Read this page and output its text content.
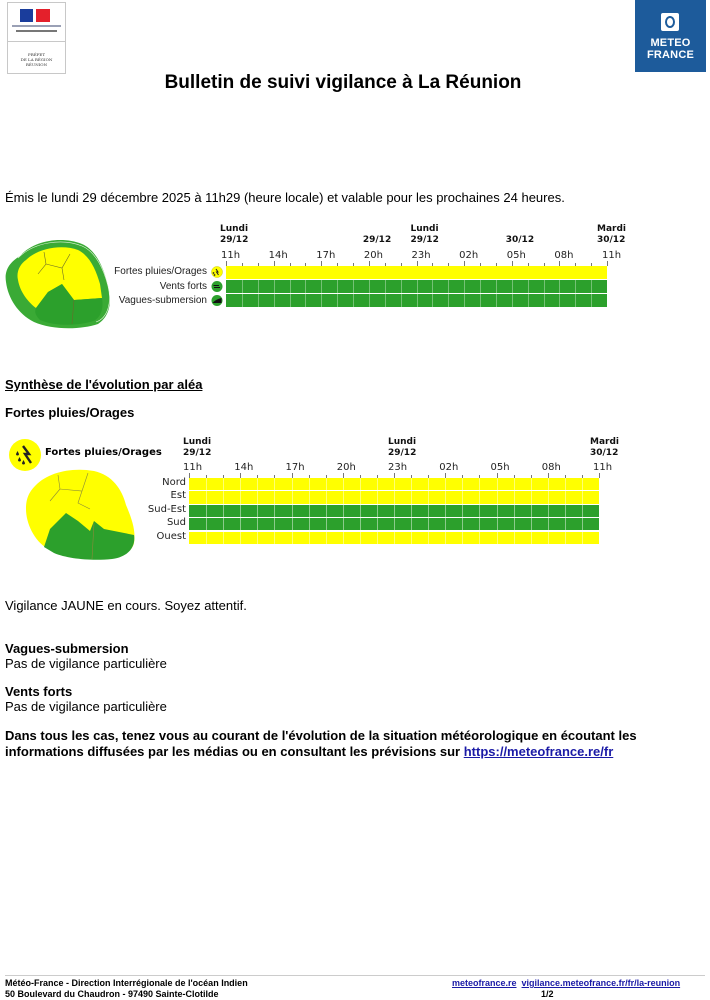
PRÉFET
DE LA RÉGION
RÉUNION
METEO
FRANCE
Bulletin de suivi vigilance à La Réunion
Émis le lundi 29 décembre 2025 à 11h29 (heure locale) et valable pour les prochaines 24 heures.
Fortes pluies/Orages
Vents forts
Vagues-submersion
Lundi
29/12
	29/12
Lundi
29/12
	30/12
Mardi
30/12
11h	14h	17h	20h	23h	02h	05h	08h	11h
Synthèse de l'évolution par aléa
Fortes pluies/Orages
Fortes pluies/Orages
Lundi
29/12
Lundi
29/12
Mardi
30/12
11h	14h	17h	20h	23h	02h	05h	08h	11h
Nord
Est
Sud-Est
Sud
Ouest
Vigilance JAUNE en cours. Soyez attentif.
Vagues-submersion
Pas de vigilance particulière
Vents forts
Pas de vigilance particulière
Dans tous les cas, tenez vous au courant de l'évolution de la situation météorologique en écoutant les informations diffusées par les médias ou en consultant les prévisions sur https://meteofrance.re/fr
Météo-France - Direction Interrégionale de l'océan Indien
50 Boulevard du Chaudron - 97490 Sainte-Clotilde
meteofrance.re vigilance.meteofrance.fr/fr/la-reunion
1/2
